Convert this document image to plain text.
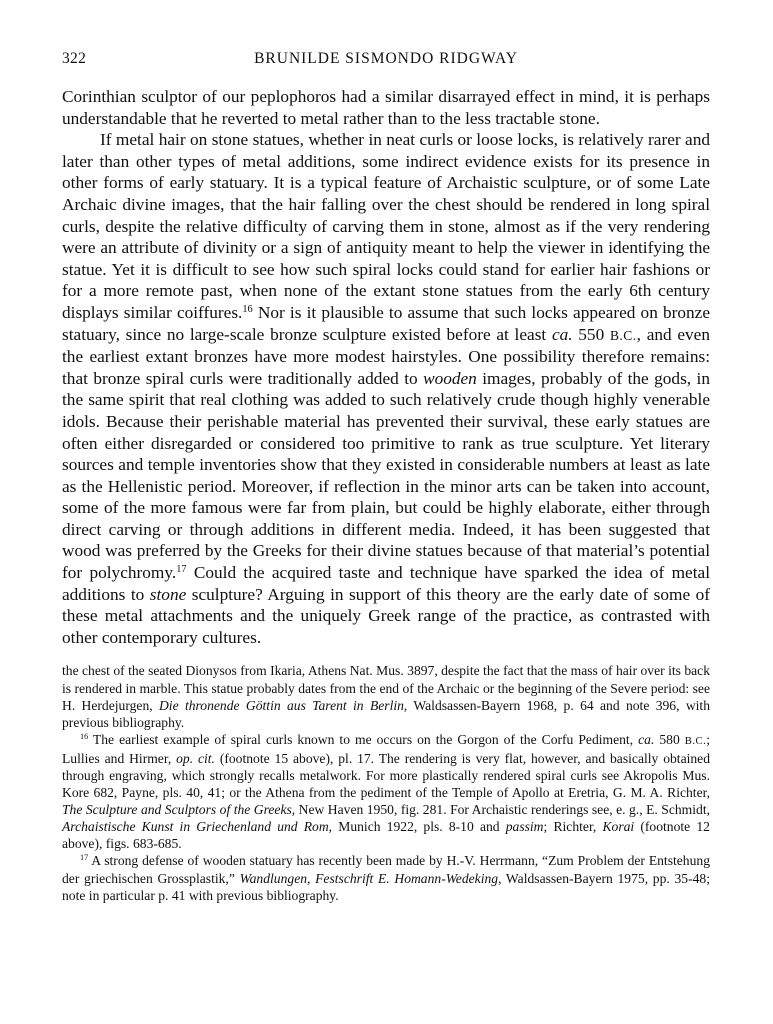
322	BRUNILDE SISMONDO RIDGWAY

Corinthian sculptor of our peplophoros had a similar disarrayed effect in mind, it is perhaps understandable that he reverted to metal rather than to the less tractable stone.

If metal hair on stone statues, whether in neat curls or loose locks, is relatively rarer and later than other types of metal additions, some indirect evidence exists for its presence in other forms of early statuary. It is a typical feature of Archaistic sculpture, or of some Late Archaic divine images, that the hair falling over the chest should be rendered in long spiral curls, despite the relative difficulty of carving them in stone, almost as if the very rendering were an attribute of divinity or a sign of antiquity meant to help the viewer in identifying the statue. Yet it is difficult to see how such spiral locks could stand for earlier hair fashions or for a more remote past, when none of the extant stone statues from the early 6th century displays similar coiffures.$^{16}$ Nor is it plausible to assume that such locks appeared on bronze statuary, since no large-scale bronze sculpture existed before at least ca. 550 B.C., and even the earliest extant bronzes have more modest hairstyles. One possibility therefore remains: that bronze spiral curls were traditionally added to wooden images, probably of the gods, in the same spirit that real clothing was added to such relatively crude though highly venerable idols. Because their perishable material has prevented their survival, these early statues are often either disregarded or considered too primitive to rank as true sculpture. Yet literary sources and temple inventories show that they existed in considerable numbers at least as late as the Hellenistic period. Moreover, if reflection in the minor arts can be taken into account, some of the more famous were far from plain, but could be highly elaborate, either through direct carving or through additions in different media. Indeed, it has been suggested that wood was preferred by the Greeks for their divine statues because of that material’s potential for polychromy.$^{17}$ Could the acquired taste and technique have sparked the idea of metal additions to stone sculpture? Arguing in support of this theory are the early date of some of these metal attachments and the uniquely Greek range of the practice, as contrasted with other contemporary cultures.

the chest of the seated Dionysos from Ikaria, Athens Nat. Mus. 3897, despite the fact that the mass of hair over its back is rendered in marble. This statue probably dates from the end of the Archaic or the beginning of the Severe period: see H. Herdejurgen, Die thronende Göttin aus Tarent in Berlin, Waldsassen-Bayern 1968, p. 64 and note 396, with previous bibliography.

$^{16}$ The earliest example of spiral curls known to me occurs on the Gorgon of the Corfu Pediment, ca. 580 B.C.; Lullies and Hirmer, op. cit. (footnote 15 above), pl. 17. The rendering is very flat, however, and basically obtained through engraving, which strongly recalls metalwork. For more plastically rendered spiral curls see Akropolis Mus. Kore 682, Payne, pls. 40, 41; or the Athena from the pediment of the Temple of Apollo at Eretria, G. M. A. Richter, The Sculpture and Sculptors of the Greeks, New Haven 1950, fig. 281. For Archaistic renderings see, e. g., E. Schmidt, Archaistische Kunst in Griechenland und Rom, Munich 1922, pls. 8-10 and passim; Richter, Korai (footnote 12 above), figs. 683-685.

$^{17}$ A strong defense of wooden statuary has recently been made by H.-V. Herrmann, “Zum Problem der Entstehung der griechischen Grossplastik,” Wandlungen, Festschrift E. Homann-Wedeking, Waldsassen-Bayern 1975, pp. 35-48; note in particular p. 41 with previous bibliography.
